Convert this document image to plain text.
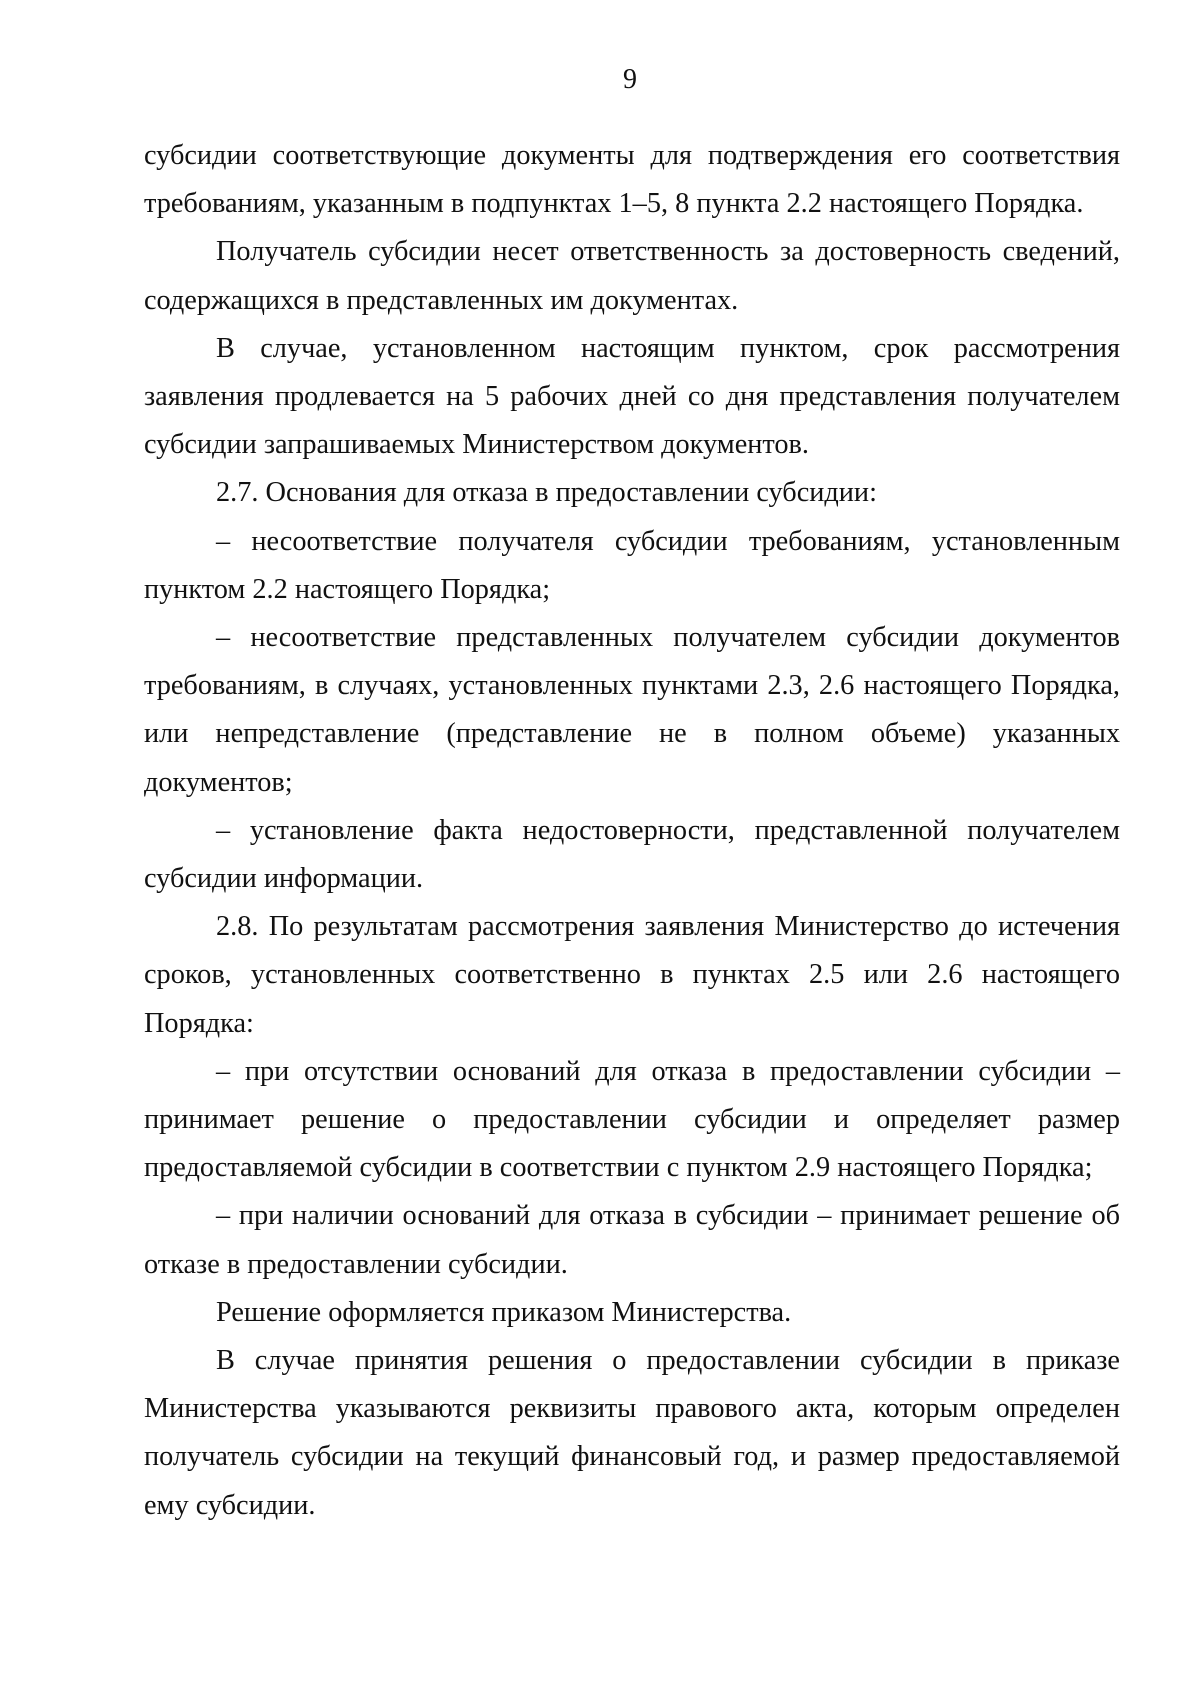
9

субсидии соответствующие документы для подтверждения его соответствия требованиям, указанным в подпунктах 1–5, 8 пункта 2.2 настоящего Порядка.

Получатель субсидии несет ответственность за достоверность сведений, содержащихся в представленных им документах.

В случае, установленном настоящим пунктом, срок рассмотрения заявления продлевается на 5 рабочих дней со дня представления получателем субсидии запрашиваемых Министерством документов.

2.7. Основания для отказа в предоставлении субсидии:

– несоответствие получателя субсидии требованиям, установленным пунктом 2.2 настоящего Порядка;

– несоответствие представленных получателем субсидии документов требованиям, в случаях, установленных пунктами 2.3, 2.6 настоящего Порядка, или непредставление (представление не в полном объеме) указанных документов;

– установление факта недостоверности, представленной получателем субсидии информации.

2.8. По результатам рассмотрения заявления Министерство до истечения сроков, установленных соответственно в пунктах 2.5 или 2.6 настоящего Порядка:

– при отсутствии оснований для отказа в предоставлении субсидии – принимает решение о предоставлении субсидии и определяет размер предоставляемой субсидии в соответствии с пунктом 2.9 настоящего Порядка;

– при наличии оснований для отказа в субсидии – принимает решение об отказе в предоставлении субсидии.

Решение оформляется приказом Министерства.

В случае принятия решения о предоставлении субсидии в приказе Министерства указываются реквизиты правового акта, которым определен получатель субсидии на текущий финансовый год, и размер предоставляемой ему субсидии.
